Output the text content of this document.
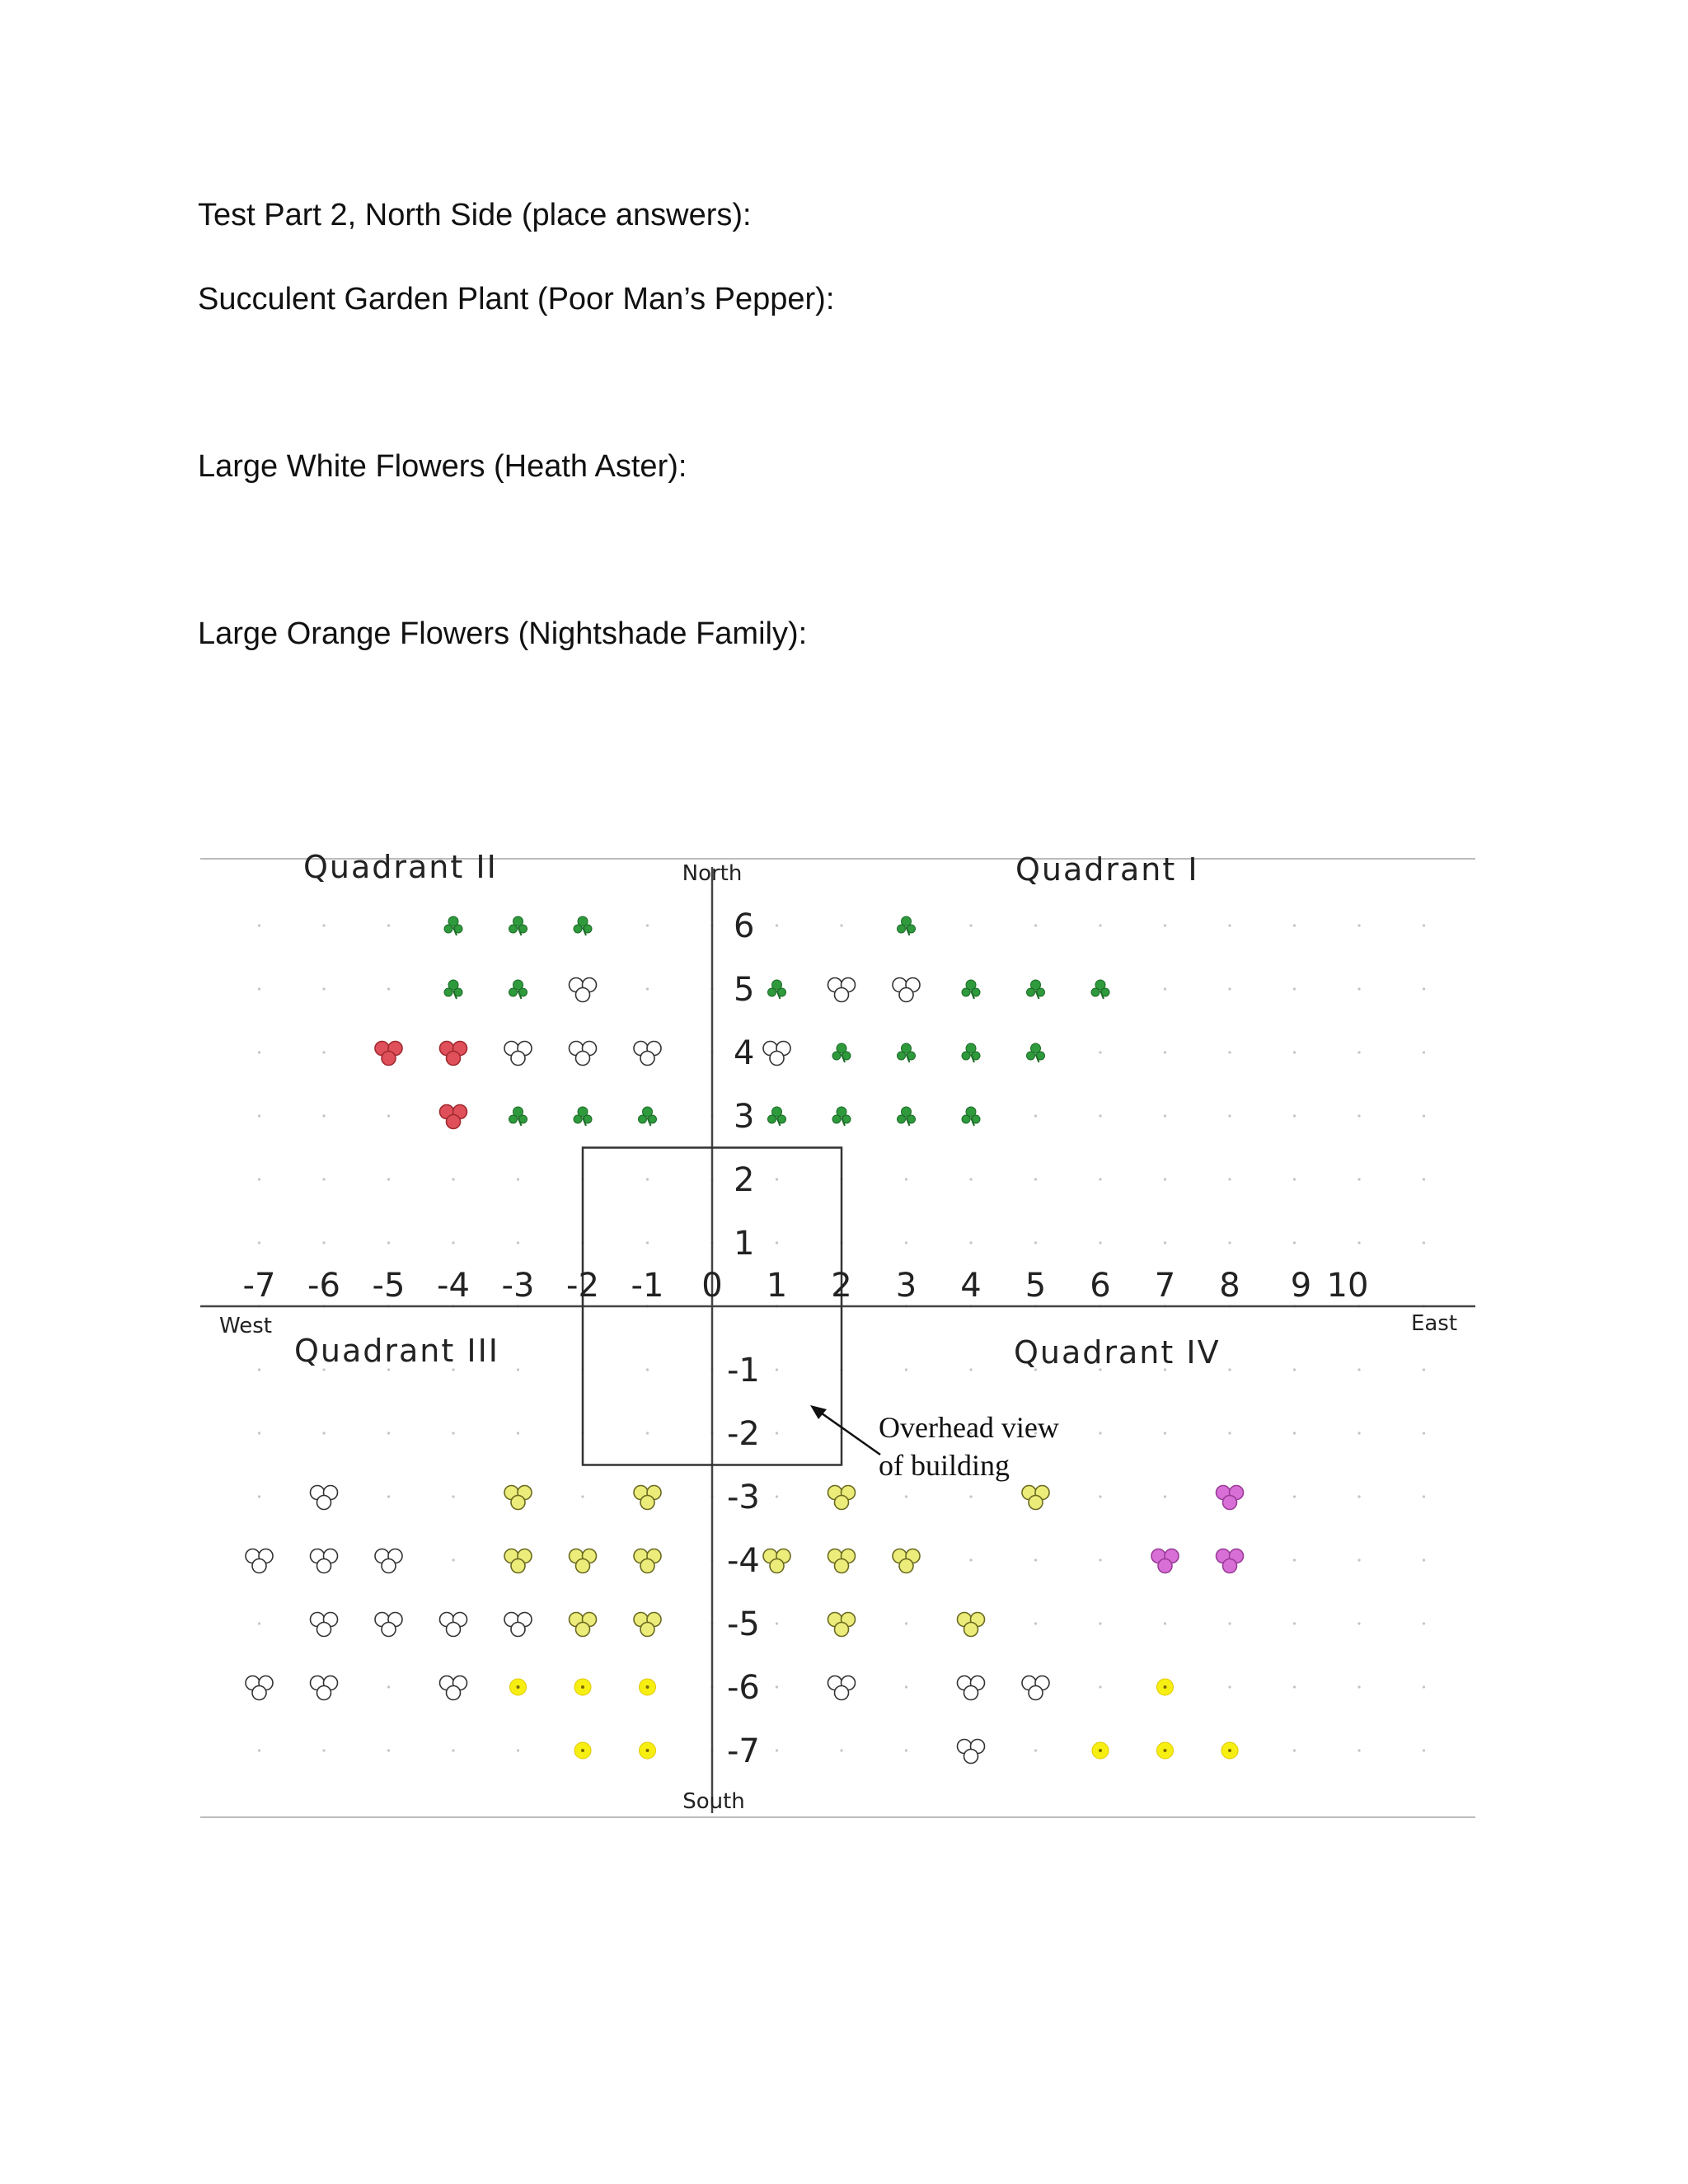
Test Part 2, North Side (place answers):

Succulent Garden Plant (Poor Man’s Pepper):

Large White Flowers (Heath Aster):

Large Orange Flowers (Nightshade Family):

-7 -6 -5 -4 -3 -2 -1 0 1 2 3 4 5 6 7 8 9 10
6
5
4
3
2
1
-1
-2
-3
-4
-5
-6
-7
Quadrant II	Quadrant I
Quadrant III	Quadrant IV
North
South
East
West
Overhead view
of building
